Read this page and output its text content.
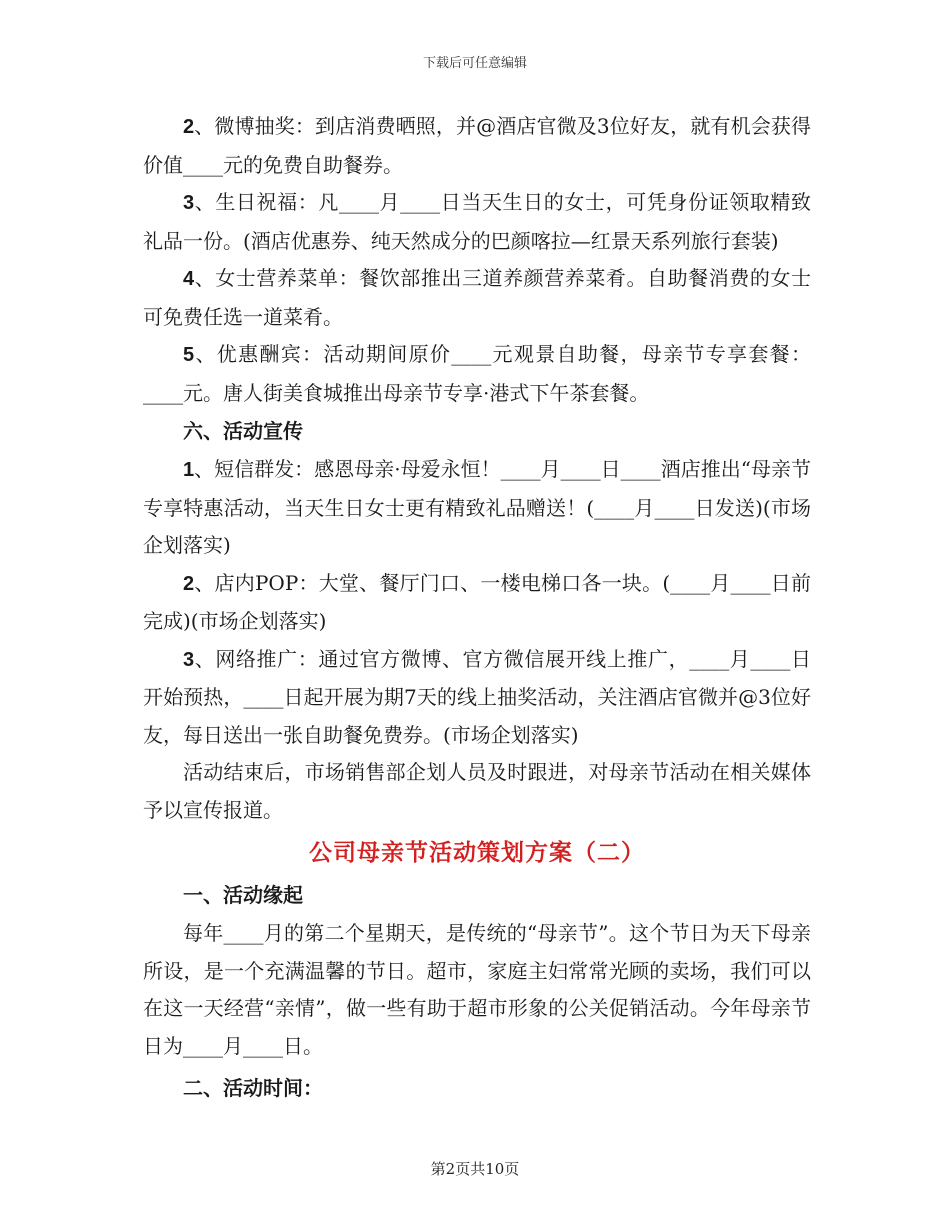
下载后可任意编辑

2、微博抽奖：到店消费晒照，并@酒店官微及3位好友，就有机会获得价值____元的免费自助餐券。

3、生日祝福：凡____月____日当天生日的女士，可凭身份证领取精致礼品一份。(酒店优惠券、纯天然成分的巴颜喀拉—红景天系列旅行套装)

4、女士营养菜单：餐饮部推出三道养颜营养菜肴。自助餐消费的女士可免费任选一道菜肴。

5、优惠酬宾：活动期间原价____元观景自助餐，母亲节专享套餐：____元。唐人街美食城推出母亲节专享·港式下午茶套餐。

六、活动宣传

1、短信群发：感恩母亲·母爱永恒！____月____日____酒店推出“母亲节专享特惠活动，当天生日女士更有精致礼品赠送！(____月____日发送)(市场企划落实)

2、店内POP：大堂、餐厅门口、一楼电梯口各一块。(____月____日前完成)(市场企划落实)

3、网络推广：通过官方微博、官方微信展开线上推广，____月____日开始预热，____日起开展为期7天的线上抽奖活动，关注酒店官微并@3位好友，每日送出一张自助餐免费券。(市场企划落实)

活动结束后，市场销售部企划人员及时跟进，对母亲节活动在相关媒体予以宣传报道。

公司母亲节活动策划方案（二）

一、活动缘起

每年____月的第二个星期天，是传统的“母亲节”。这个节日为天下母亲所设，是一个充满温馨的节日。超市，家庭主妇常常光顾的卖场，我们可以在这一天经营“亲情”，做一些有助于超市形象的公关促销活动。今年母亲节日为____月____日。

二、活动时间：

第2页共10页
